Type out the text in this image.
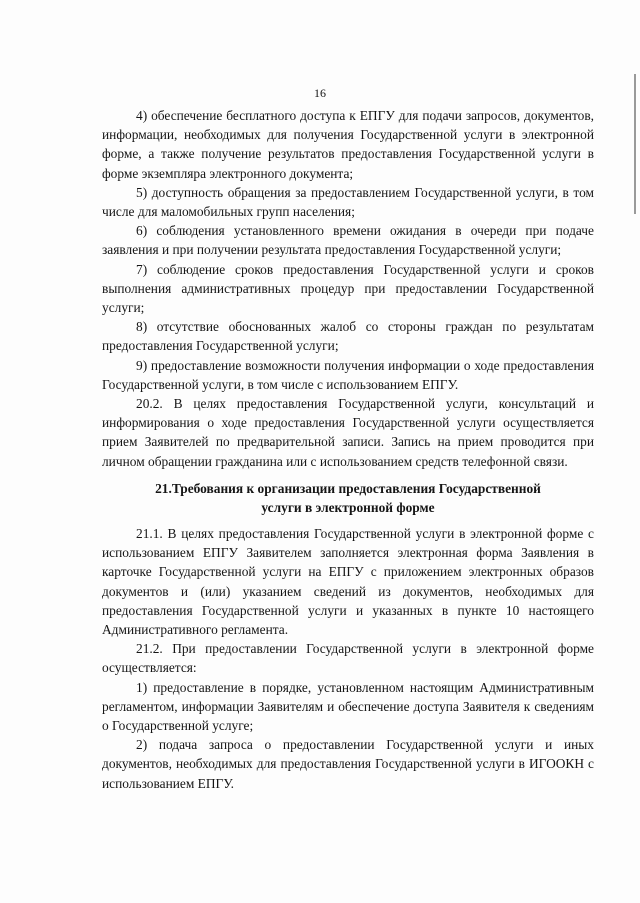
16

4) обеспечение бесплатного доступа к ЕПГУ для подачи запросов, документов, информации, необходимых для получения Государственной услуги в электронной форме, а также получение результатов предоставления Государственной услуги в форме экземпляра электронного документа;

5) доступность обращения за предоставлением Государственной услуги, в том числе для маломобильных групп населения;

6) соблюдения установленного времени ожидания в очереди при подаче заявления и при получении результата предоставления Государственной услуги;

7) соблюдение сроков предоставления Государственной услуги и сроков выполнения административных процедур при предоставлении Государственной услуги;

8) отсутствие обоснованных жалоб со стороны граждан по результатам предоставления Государственной услуги;

9) предоставление возможности получения информации о ходе предоставления Государственной услуги, в том числе с использованием ЕПГУ.

20.2. В целях предоставления Государственной услуги, консультаций и информирования о ходе предоставления Государственной услуги осуществляется прием Заявителей по предварительной записи. Запись на прием проводится при личном обращении гражданина или с использованием средств телефонной связи.

21.Требования к организации предоставления Государственной
услуги в электронной форме

21.1. В целях предоставления Государственной услуги в электронной форме с использованием ЕПГУ Заявителем заполняется электронная форма Заявления в карточке Государственной услуги на ЕПГУ с приложением электронных образов документов и (или) указанием сведений из документов, необходимых для предоставления Государственной услуги и указанных в пункте 10 настоящего Административного регламента.

21.2. При предоставлении Государственной услуги в электронной форме осуществляется:

1) предоставление в порядке, установленном настоящим Административным регламентом, информации Заявителям и обеспечение доступа Заявителя к сведениям о Государственной услуге;

2) подача запроса о предоставлении Государственной услуги и иных документов, необходимых для предоставления Государственной услуги в ИГООКН с использованием ЕПГУ.
